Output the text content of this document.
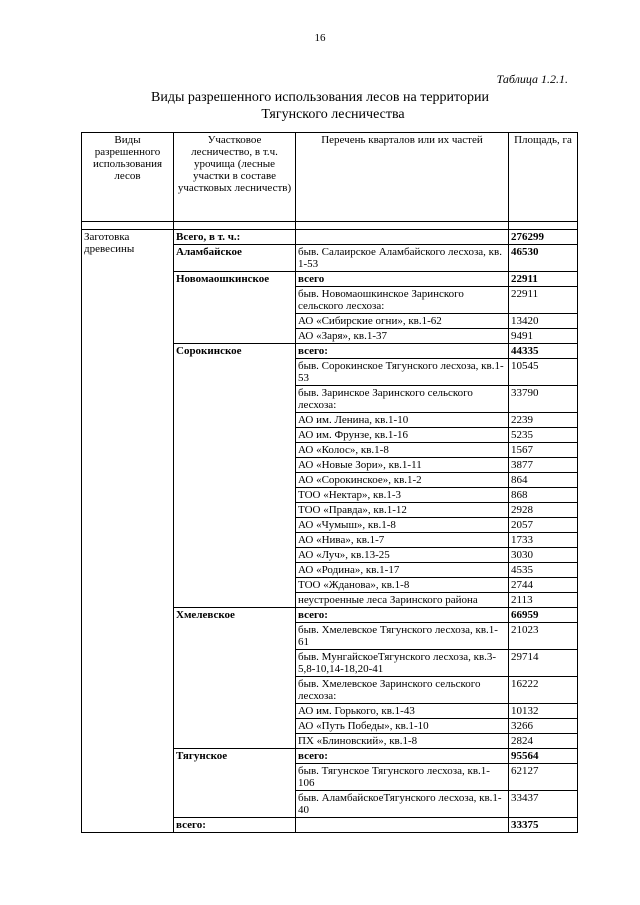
16
Таблица 1.2.1.
Виды разрешенного использования лесов на территории
Тягунского лесничества
Виды разрешенного использования лесов	Участковое лесничество, в т.ч. урочища (лесные участки в составе участковых лесничеств)	Перечень кварталов или их частей	Площадь, га

Заготовка древесины	Всего, в т. ч.:		276299
	Аламбайское	быв. Салаирское Аламбайского лесхоза, кв. 1-53	46530
	Новомаошкинское	всего	22911
		быв. Новомаошкинское Заринского сельского лесхоза:	22911
		АО «Сибирские огни», кв.1-62	13420
		АО «Заря», кв.1-37	9491
	Сорокинское	всего:	44335
		быв. Сорокинское Тягунского лесхоза, кв.1-53	10545
		быв. Заринское Заринского сельского лесхоза:	33790
		АО им. Ленина, кв.1-10	2239
		АО им. Фрунзе, кв.1-16	5235
		АО «Колос», кв.1-8	1567
		АО «Новые Зори», кв.1-11	3877
		АО «Сорокинское», кв.1-2	864
		ТОО «Нектар», кв.1-3	868
		ТОО «Правда», кв.1-12	2928
		АО «Чумыш», кв.1-8	2057
		АО «Нива», кв.1-7	1733
		АО «Луч», кв.13-25	3030
		АО «Родина», кв.1-17	4535
		ТОО «Жданова», кв.1-8	2744
		неустроенные леса Заринского района	2113
	Хмелевское	всего:	66959
		быв. Хмелевское Тягунского лесхоза, кв.1-61	21023
		быв. МунгайскоеТягунского лесхоза, кв.3-5,8-10,14-18,20-41	29714
		быв. Хмелевское Заринского сельского лесхоза:	16222
		АО им. Горького, кв.1-43	10132
		АО «Путь Победы», кв.1-10	3266
		ПХ «Блиновский», кв.1-8	2824
	Тягунское	всего:	95564
		быв. Тягунское Тягунского лесхоза, кв.1-106	62127
		быв. АламбайскоеТягунского лесхоза, кв.1-40	33437
	всего:		33375
